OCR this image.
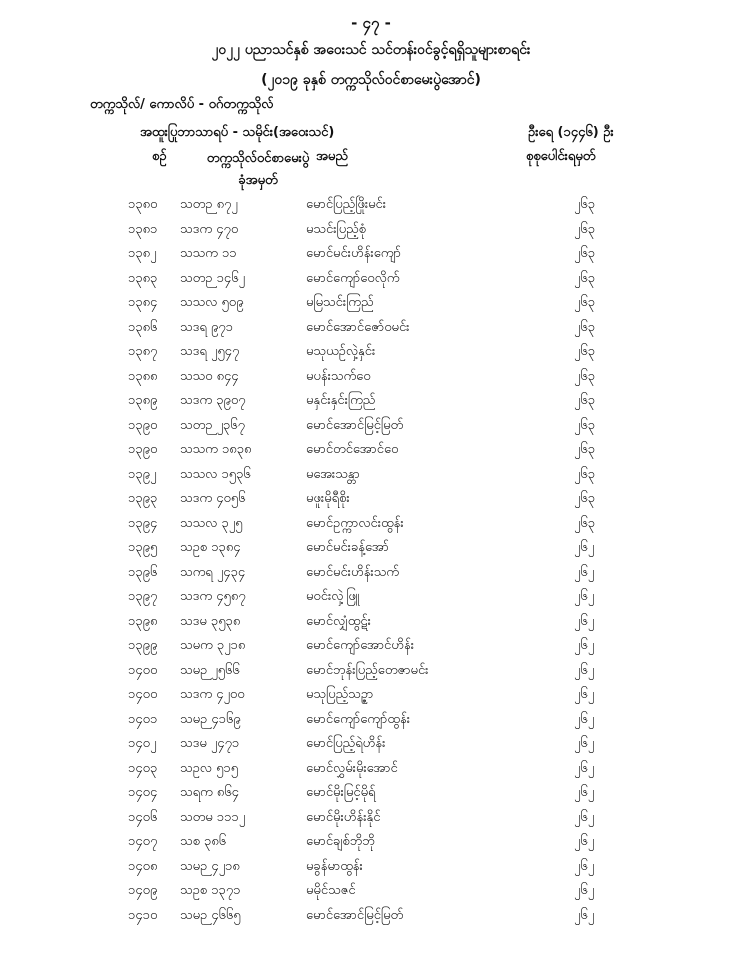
- ၄၇ -
၂၀၂၂ ပညာသင်နှစ် အဝေးသင် သင်တန်းဝင်ခွင့်ရရှိသူများစာရင်း
(၂၀၁၉ ခုနှစ် တက္ကသိုလ်ဝင်စာမေးပွဲအောင်)
တက္ကသိုလ်/ ကောလိပ် - ဝဂ်တက္ကသိုလ်
အထူးပြုဘာသာရပ် - သမိုင်း(အဝေးသင်)	ဦးရေ (၁၄၄၆) ဦး
စဉ်	တက္ကသိုလ်ဝင်စာမေးပွဲ
ခုံအမှတ်
အမည်	စုစုပေါင်းရမှတ်
၁၃၈၀ သတဉ ၈၇၂	မောင်ပြည့်ဖြိုးမင်း	၂၆၃
၁၃၈၁ သဒက ၄၇၀	မသင်းပြည့်စုံ	၂၆၃
၁၃၈၂ သသက ၁၁	မောင်မင်းဟိန်းကျော်	၂၆၃
၁၃၈၃ သတဉ ၁၄၆၂	မောင်ကျော်ဝေလိုက်	၂၆၃
၁၃၈၄ သသလ ၅၀၉	မမြသင်းကြည်	၂၆၃
၁၃၈၆ သဒရ ၉၇၁	မောင်အောင်ဇော်ဝမင်း	၂၆၃
၁၃၈၇ သဒရ ၂၅၄၇	မသုယဉ်လှဲ့နှင်း	၂၆၃
၁၃၈၈ သသဝ ၈၄၄	မပန်းသက်ဝေ	၂၆၃
၁၃၈၉ သဒက ၃၉၀၇	မနှင်းနှင်းကြည်	၂၆၃
၁၃၉၀ သတဉ ၂၃၆၇	မောင်အောင်မြင့်မြတ်	၂၆၃
၁၃၉၀ သသက ၁၈၃၈	မောင်တင်အောင်ဝေ	၂၆၃
၁၃၉၂ သသလ ၁၅၃၆	မအေးသန္တာ	၂၆၃
၁၃၉၃ သဒက ၄၀၅၆	မဖူးမိုရီစိုး	၂၆၃
၁၃၉၄ သသလ ၃၂၅	မောင်ဥက္ကာလင်းထွန်း	၂၆၃
၁၃၉၅ သဥစ ၁၃၈၄	မောင်မင်းခန့်အော်	၂၆၂
၁၃၉၆ သကရ ၂၄၃၄	မောင်မင်းဟိန်းသက်	၂၆၂
၁၃၉၇ သဒက ၄၅၈၇	မဝင်းလှဲ့ဖြူ	၂၆၂
၁၃၉၈ သဒမ ၃၅၃၈	မောင်လျှံထွဋ်း	၂၆၂
၁၃၉၉ သမက ၃၂၁၈	မောင်ကျော်အောင်ဟိန်း	၂၆၂
၁၄၀၀ သမဉ ၂၅၆၆	မောင်ဘုန်းပြည့်တေဇာမင်း	၂၆၂
၁၄၀၀ သဒက ၄၂၀၀	မသုပြည့်သဥ္ဇာ	၂၆၂
၁၄၀၁ သမဉ ၄၁၆၉	မောင်ကျော်ကျော်ထွန်း	၂၆၂
၁၄၀၂ သဒမ ၂၄၇၁	မောင်ပြည့်ရဲဟိန်း	၂၆၂
၁၄၀၃ သဥလ ၅၁၅	မောင်လွှမ်းမိုးအောင်	၂၆၂
၁၄၀၄ သရက ၈၆၄	မောင်မိုးမြင့်မိုရ်	၂၆၂
၁၄၀၆ သတမ ၁၁၁၂	မောင်မိုးဟိန်းနိုင်	၂၆၂
၁၄၀၇ သစ ၃၈၆	မောင်ချစ်ဘိုဘို	၂၆၂
၁၄၀၈ သမဉ ၄၂၁၈	မခွန်မာထွန်း	၂၆၂
၁၄၀၉ သဥစ ၁၃၇၁	မမိုင်သဇင်	၂၆၂
၁၄၁၀ သမဉ ၄၆၆၅	မောင်အောင်မြင့်မြတ်	၂၆၂
